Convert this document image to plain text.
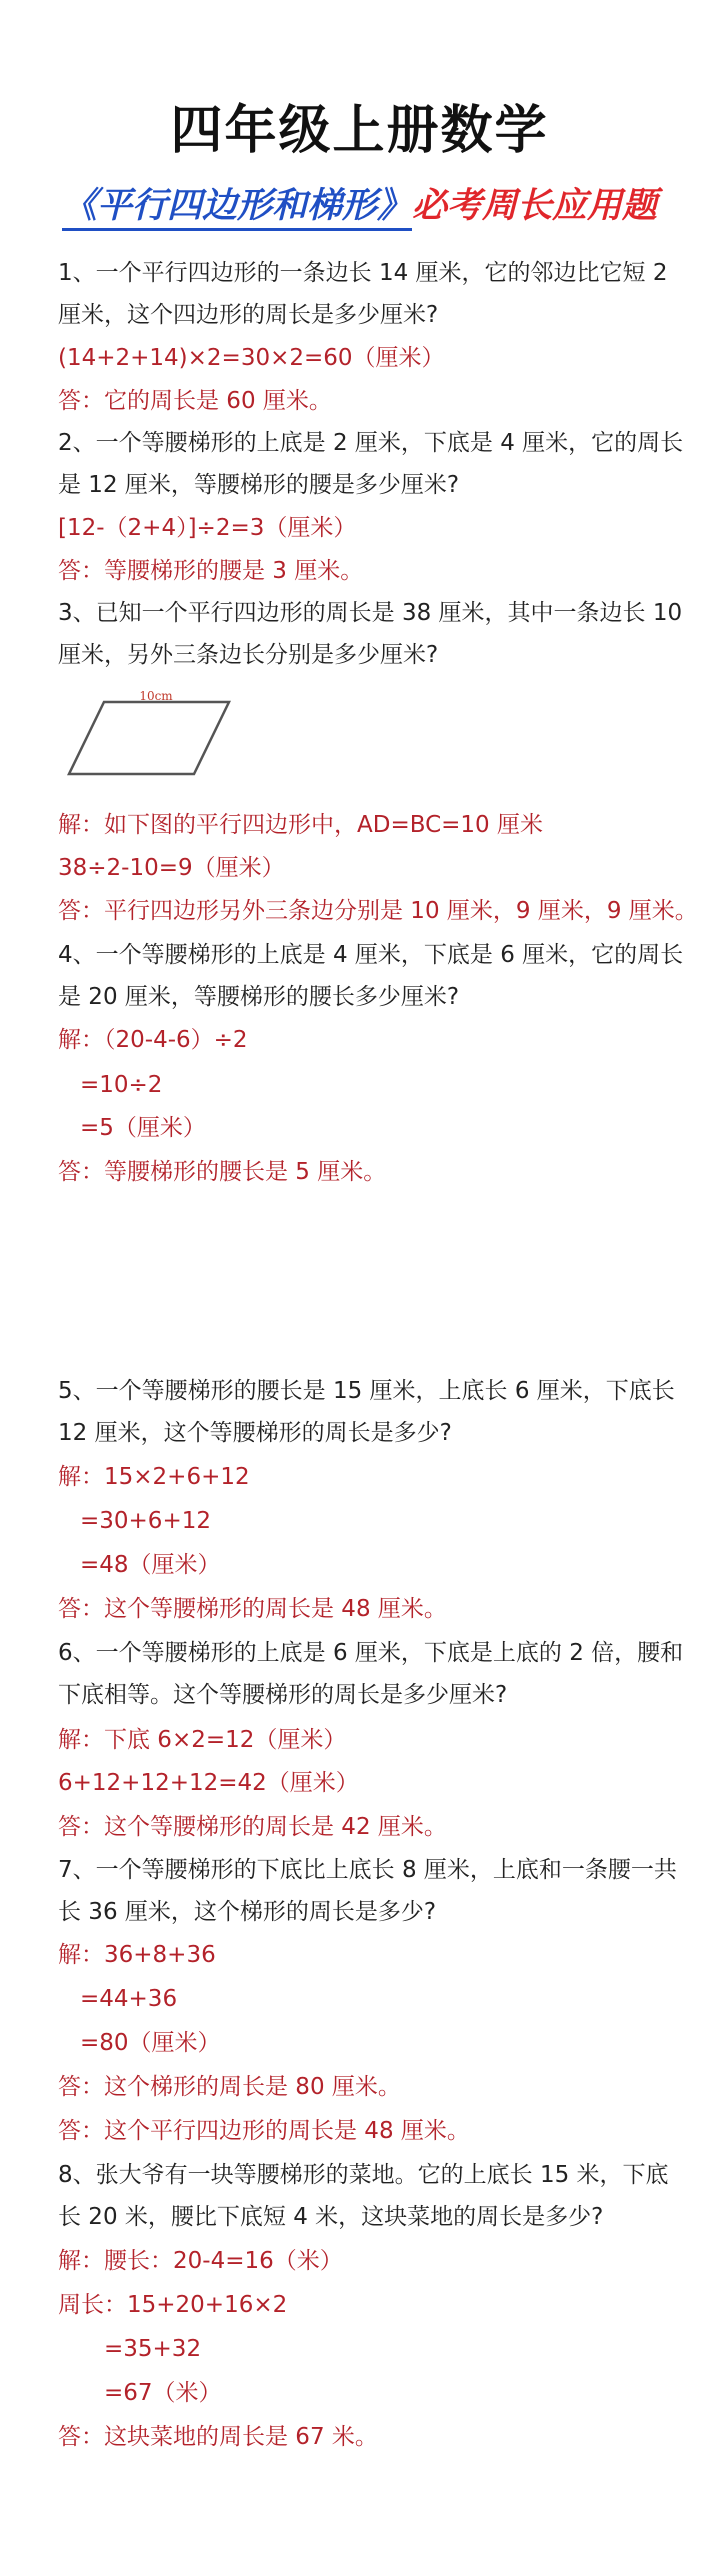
四年级上册数学
《平行四边形和梯形》必考周长应用题
10cm
1、一个平行四边形的一条边长 14 厘米，它的邻边比它短 2
厘米，这个四边形的周长是多少厘米?
(14+2+14)×2=30×2=60（厘米）
答：它的周长是 60 厘米。
2、一个等腰梯形的上底是 2 厘米，下底是 4 厘米，它的周长
是 12 厘米，等腰梯形的腰是多少厘米?
[12-（2+4）]÷2=3（厘米）
答：等腰梯形的腰是 3 厘米。
3、已知一个平行四边形的周长是 38 厘米，其中一条边长 10
厘米，另外三条边长分别是多少厘米?
解：如下图的平行四边形中，AD=BC=10 厘米
38÷2-10=9（厘米）
答：平行四边形另外三条边分别是 10 厘米，9 厘米，9 厘米。
4、一个等腰梯形的上底是 4 厘米，下底是 6 厘米，它的周长
是 20 厘米，等腰梯形的腰长多少厘米?
解：（20-4-6）÷2
=10÷2
=5（厘米）
答：等腰梯形的腰长是 5 厘米。
5、一个等腰梯形的腰长是 15 厘米，上底长 6 厘米，下底长
12 厘米，这个等腰梯形的周长是多少?
解：15×2+6+12
=30+6+12
=48（厘米）
答：这个等腰梯形的周长是 48 厘米。
6、一个等腰梯形的上底是 6 厘米，下底是上底的 2 倍，腰和
下底相等。这个等腰梯形的周长是多少厘米?
解：下底 6×2=12（厘米）
6+12+12+12=42（厘米）
答：这个等腰梯形的周长是 42 厘米。
7、一个等腰梯形的下底比上底长 8 厘米，上底和一条腰一共
长 36 厘米，这个梯形的周长是多少?
解：36+8+36
=44+36
=80（厘米）
答：这个梯形的周长是 80 厘米。
答：这个平行四边形的周长是 48 厘米。
8、张大爷有一块等腰梯形的菜地。它的上底长 15 米，下底
长 20 米，腰比下底短 4 米，这块菜地的周长是多少?
解：腰长：20-4=16（米）
周长：15+20+16×2
=35+32
=67（米）
答：这块菜地的周长是 67 米。
